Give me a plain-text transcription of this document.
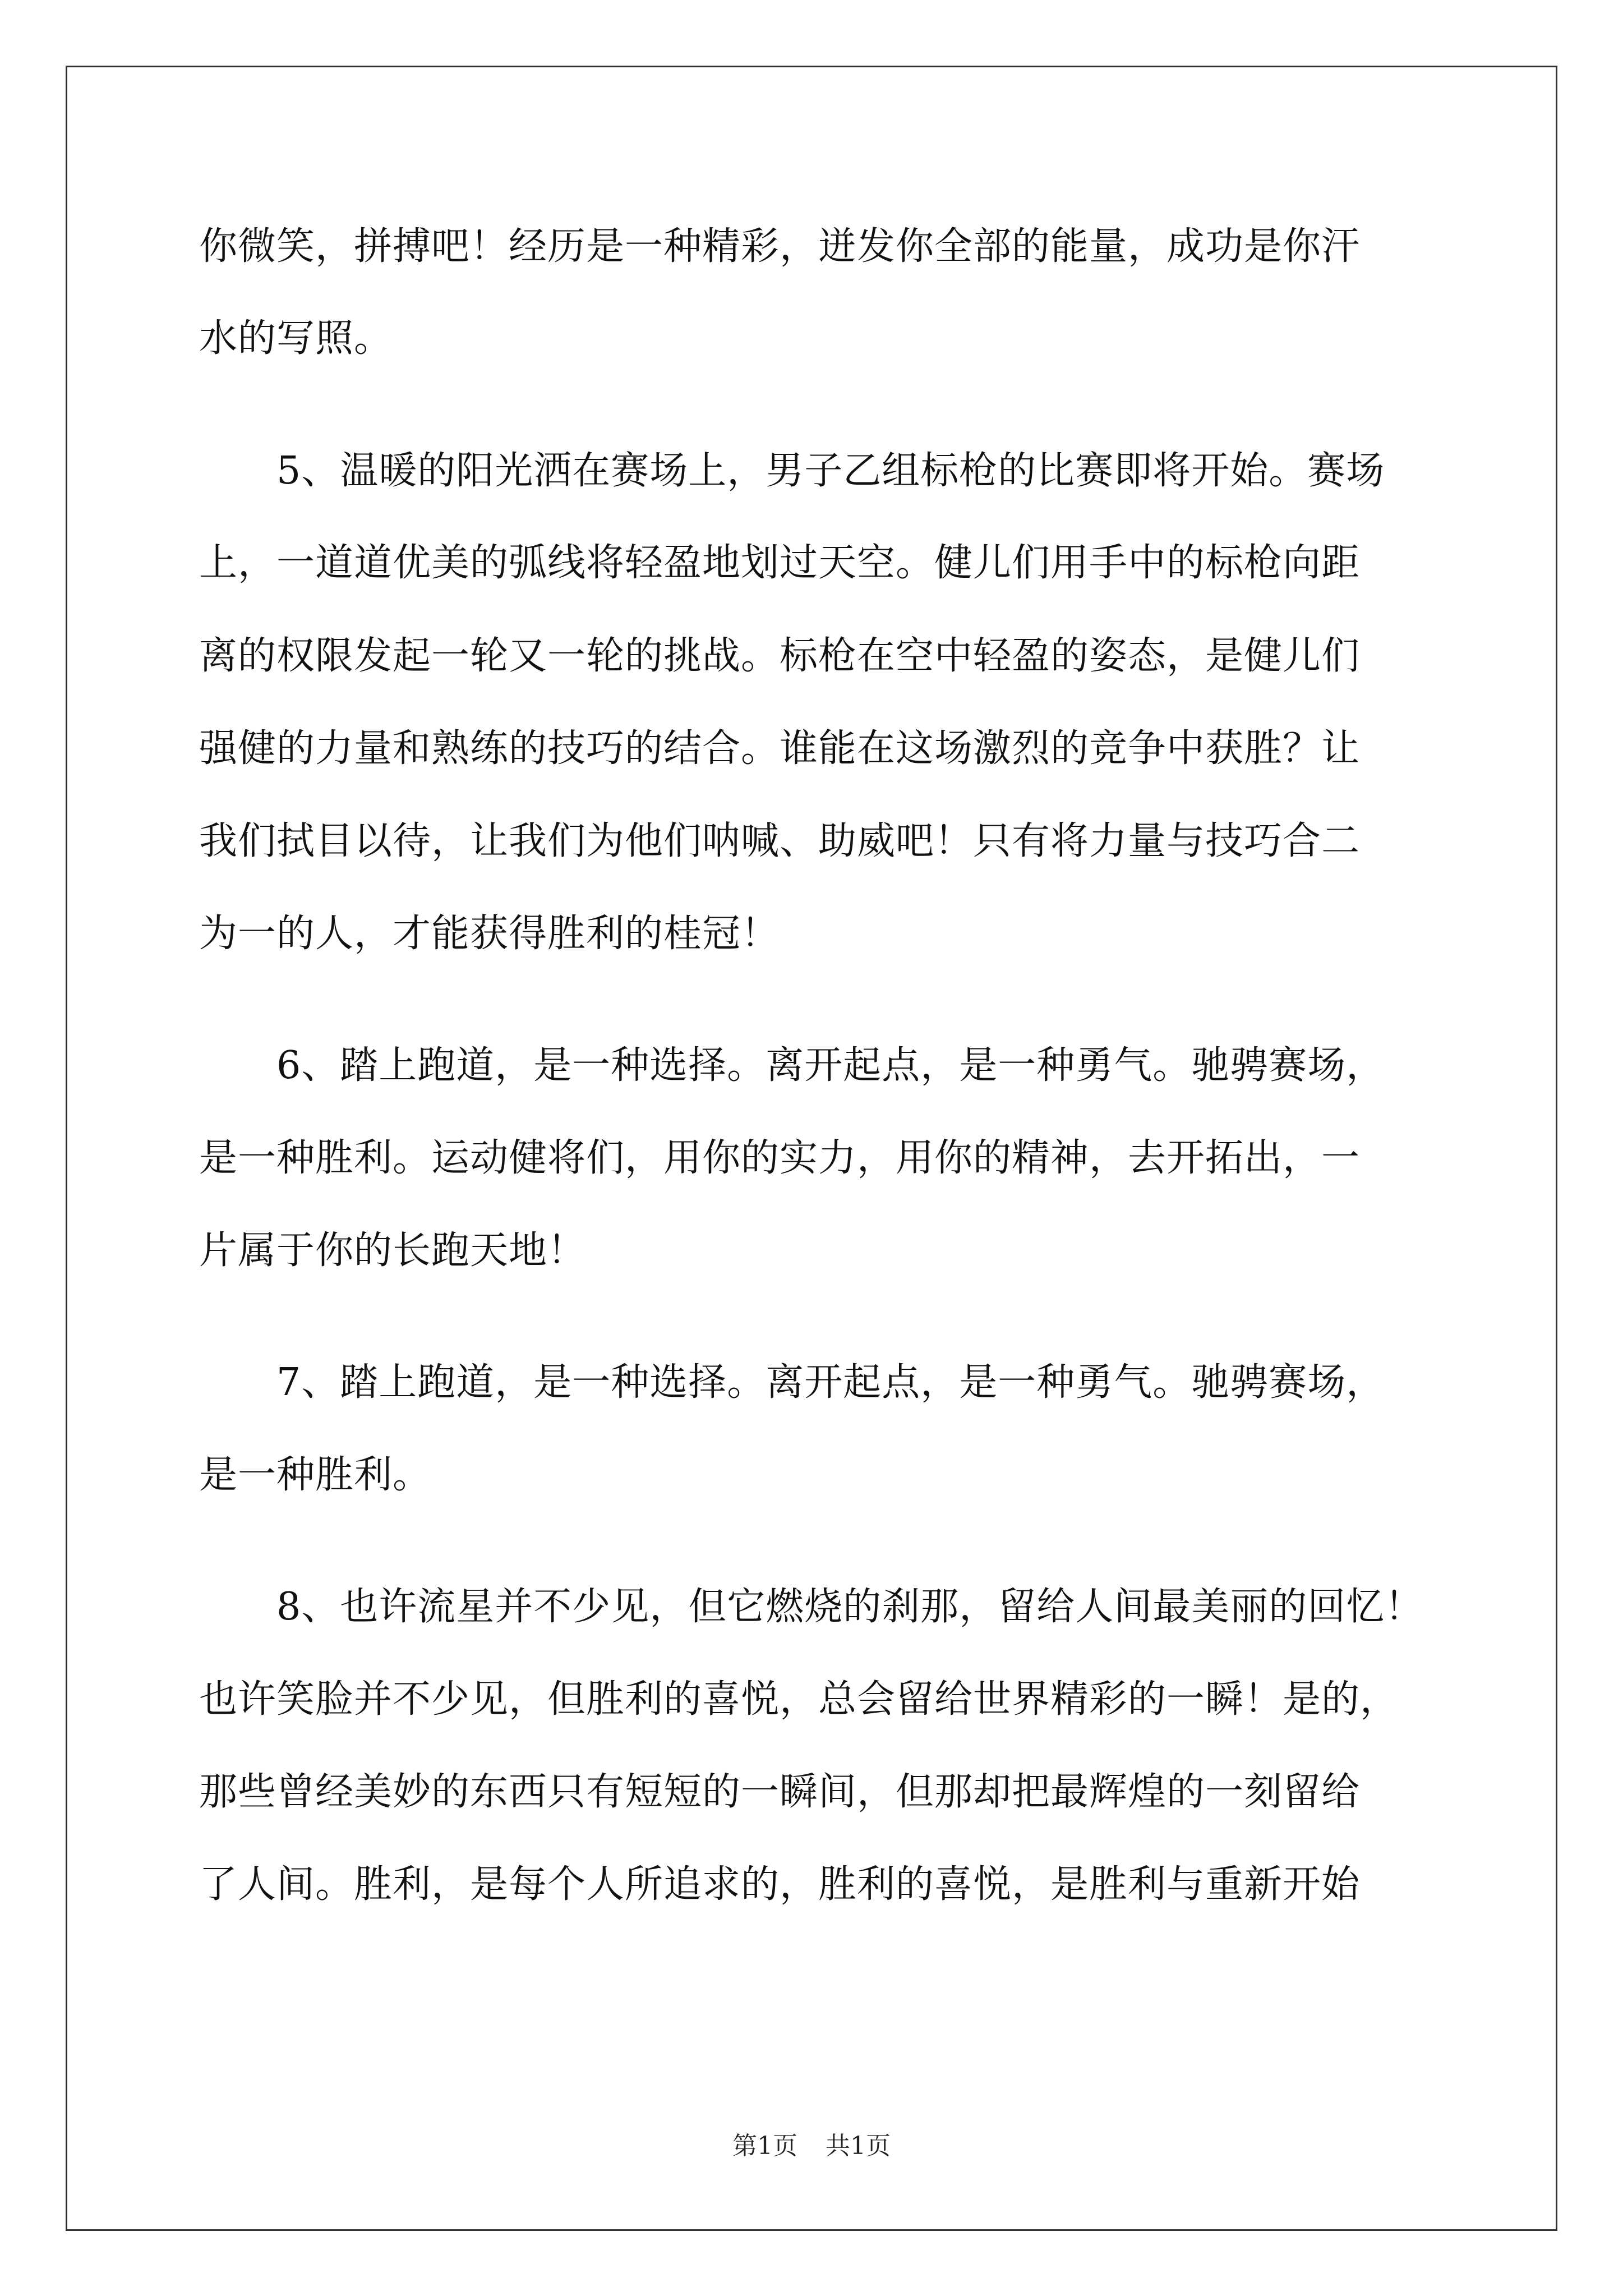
你微笑，拼搏吧！经历是一种精彩，迸发你全部的能量，成功是你汗
水的写照。
　　5、温暖的阳光洒在赛场上，男子乙组标枪的比赛即将开始。赛场
上，一道道优美的弧线将轻盈地划过天空。健儿们用手中的标枪向距
离的权限发起一轮又一轮的挑战。标枪在空中轻盈的姿态，是健儿们
强健的力量和熟练的技巧的结合。谁能在这场激烈的竞争中获胜？让
我们拭目以待，让我们为他们呐喊、助威吧！只有将力量与技巧合二
为一的人，才能获得胜利的桂冠！
　　6、踏上跑道，是一种选择。离开起点，是一种勇气。驰骋赛场，
是一种胜利。运动健将们，用你的实力，用你的精神，去开拓出，一
片属于你的长跑天地！
　　7、踏上跑道，是一种选择。离开起点，是一种勇气。驰骋赛场，
是一种胜利。
　　8、也许流星并不少见，但它燃烧的刹那，留给人间最美丽的回忆！
也许笑脸并不少见，但胜利的喜悦，总会留给世界精彩的一瞬！是的，
那些曾经美妙的东西只有短短的一瞬间，但那却把最辉煌的一刻留给
了人间。胜利，是每个人所追求的，胜利的喜悦，是胜利与重新开始
第1页 共1页
